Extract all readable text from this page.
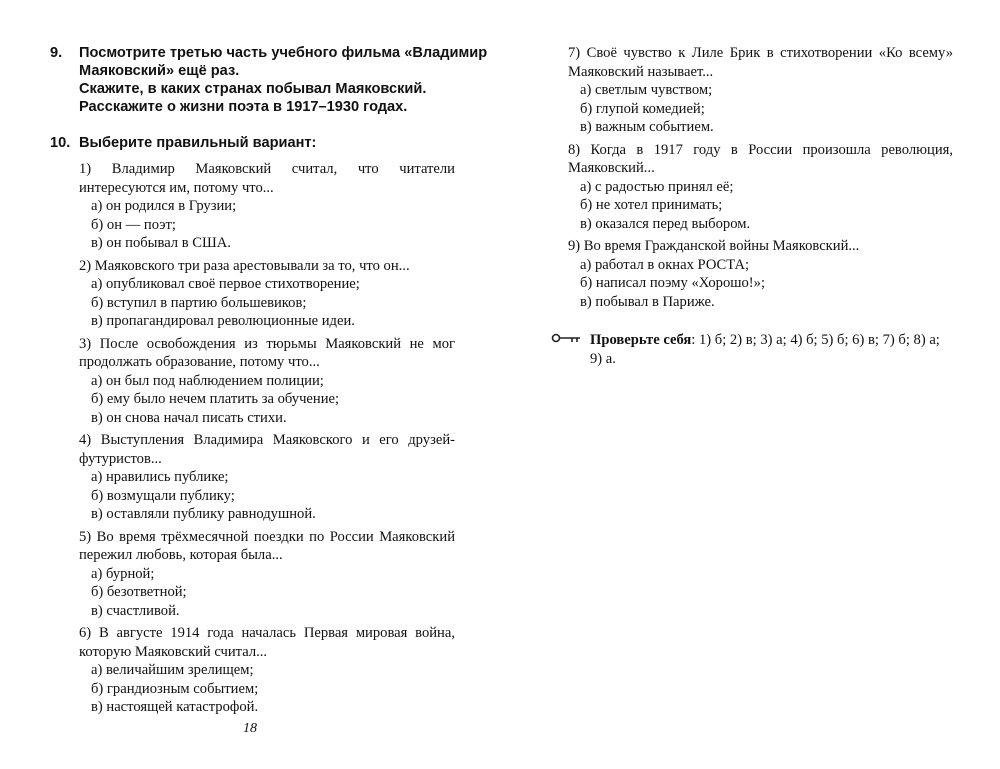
9.	Посмотрите третью часть учебного фильма «Владимир
Маяковский» ещё раз.
Скажите, в каких странах побывал Маяковский.
Расскажите о жизни поэта в 1917–1930 годах.
10. Выберите правильный вариант:
1) Владимир Маяковский считал, что читатели интересуются им, потому что...
а) он родился в Грузии;
б) он — поэт;
в) он побывал в США.
2) Маяковского три раза арестовывали за то, что он...
а) опубликовал своё первое стихотворение;
б) вступил в партию большевиков;
в) пропагандировал революционные идеи.
3) После освобождения из тюрьмы Маяковский не мог продолжать образование, потому что...
а) он был под наблюдением полиции;
б) ему было нечем платить за обучение;
в) он снова начал писать стихи.
4) Выступления Владимира Маяковского и его друзей-футуристов...
а) нравились публике;
б) возмущали публику;
в) оставляли публику равнодушной.
5) Во время трёхмесячной поездки по России Маяковский пережил любовь, которая была...
а) бурной;
б) безответной;
в) счастливой.
6) В августе 1914 года началась Первая мировая война, которую Маяковский считал...
а) величайшим зрелищем;
б) грандиозным событием;
в) настоящей катастрофой.
7) Своё чувство к Лиле Брик в стихотворении «Ко всему» Маяковский называет...
а) светлым чувством;
б) глупой комедией;
в) важным событием.
8) Когда в 1917 году в России произошла революция, Маяковский...
а) с радостью принял её;
б) не хотел принимать;
в) оказался перед выбором.
9) Во время Гражданской войны Маяковский...
а) работал в окнах РОСТА;
б) написал поэму «Хорошо!»;
в) побывал в Париже.
Проверьте себя: 1) б; 2) в; 3) а; 4) б; 5) б; 6) в; 7) б; 8) а; 9) а.
18
